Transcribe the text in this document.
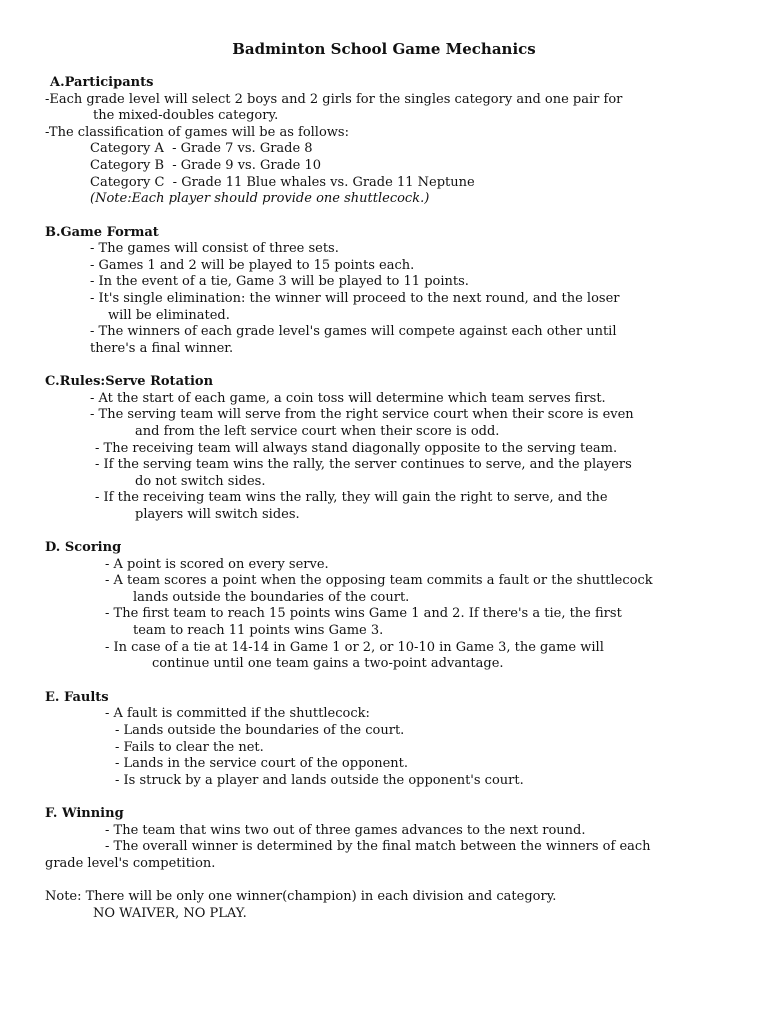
Badminton School Game Mechanics
A.Participants
-Each grade level will select 2 boys and 2 girls for the singles category and one pair for
the mixed-doubles category.
-The classification of games will be as follows:
Category A  - Grade 7 vs. Grade 8
Category B  - Grade 9 vs. Grade 10
Category C  - Grade 11 Blue whales vs. Grade 11 Neptune
(Note:Each player should provide one shuttlecock.)
B.Game Format
- The games will consist of three sets.
- Games 1 and 2 will be played to 15 points each.
- In the event of a tie, Game 3 will be played to 11 points.
- It's single elimination: the winner will proceed to the next round, and the loser
will be eliminated.
- The winners of each grade level's games will compete against each other until
there's a final winner.
C.Rules:Serve Rotation
- At the start of each game, a coin toss will determine which team serves first.
- The serving team will serve from the right service court when their score is even
and from the left service court when their score is odd.
- The receiving team will always stand diagonally opposite to the serving team.
- If the serving team wins the rally, the server continues to serve, and the players
do not switch sides.
- If the receiving team wins the rally, they will gain the right to serve, and the
players will switch sides.
D. Scoring
- A point is scored on every serve.
- A team scores a point when the opposing team commits a fault or the shuttlecock
lands outside the boundaries of the court.
- The first team to reach 15 points wins Game 1 and 2. If there's a tie, the first
team to reach 11 points wins Game 3.
- In case of a tie at 14-14 in Game 1 or 2, or 10-10 in Game 3, the game will
continue until one team gains a two-point advantage.
E. Faults
- A fault is committed if the shuttlecock:
- Lands outside the boundaries of the court.
- Fails to clear the net.
- Lands in the service court of the opponent.
- Is struck by a player and lands outside the opponent's court.
F. Winning
- The team that wins two out of three games advances to the next round.
- The overall winner is determined by the final match between the winners of each
grade level's competition.
Note: There will be only one winner(champion) in each division and category.
NO WAIVER, NO PLAY.
